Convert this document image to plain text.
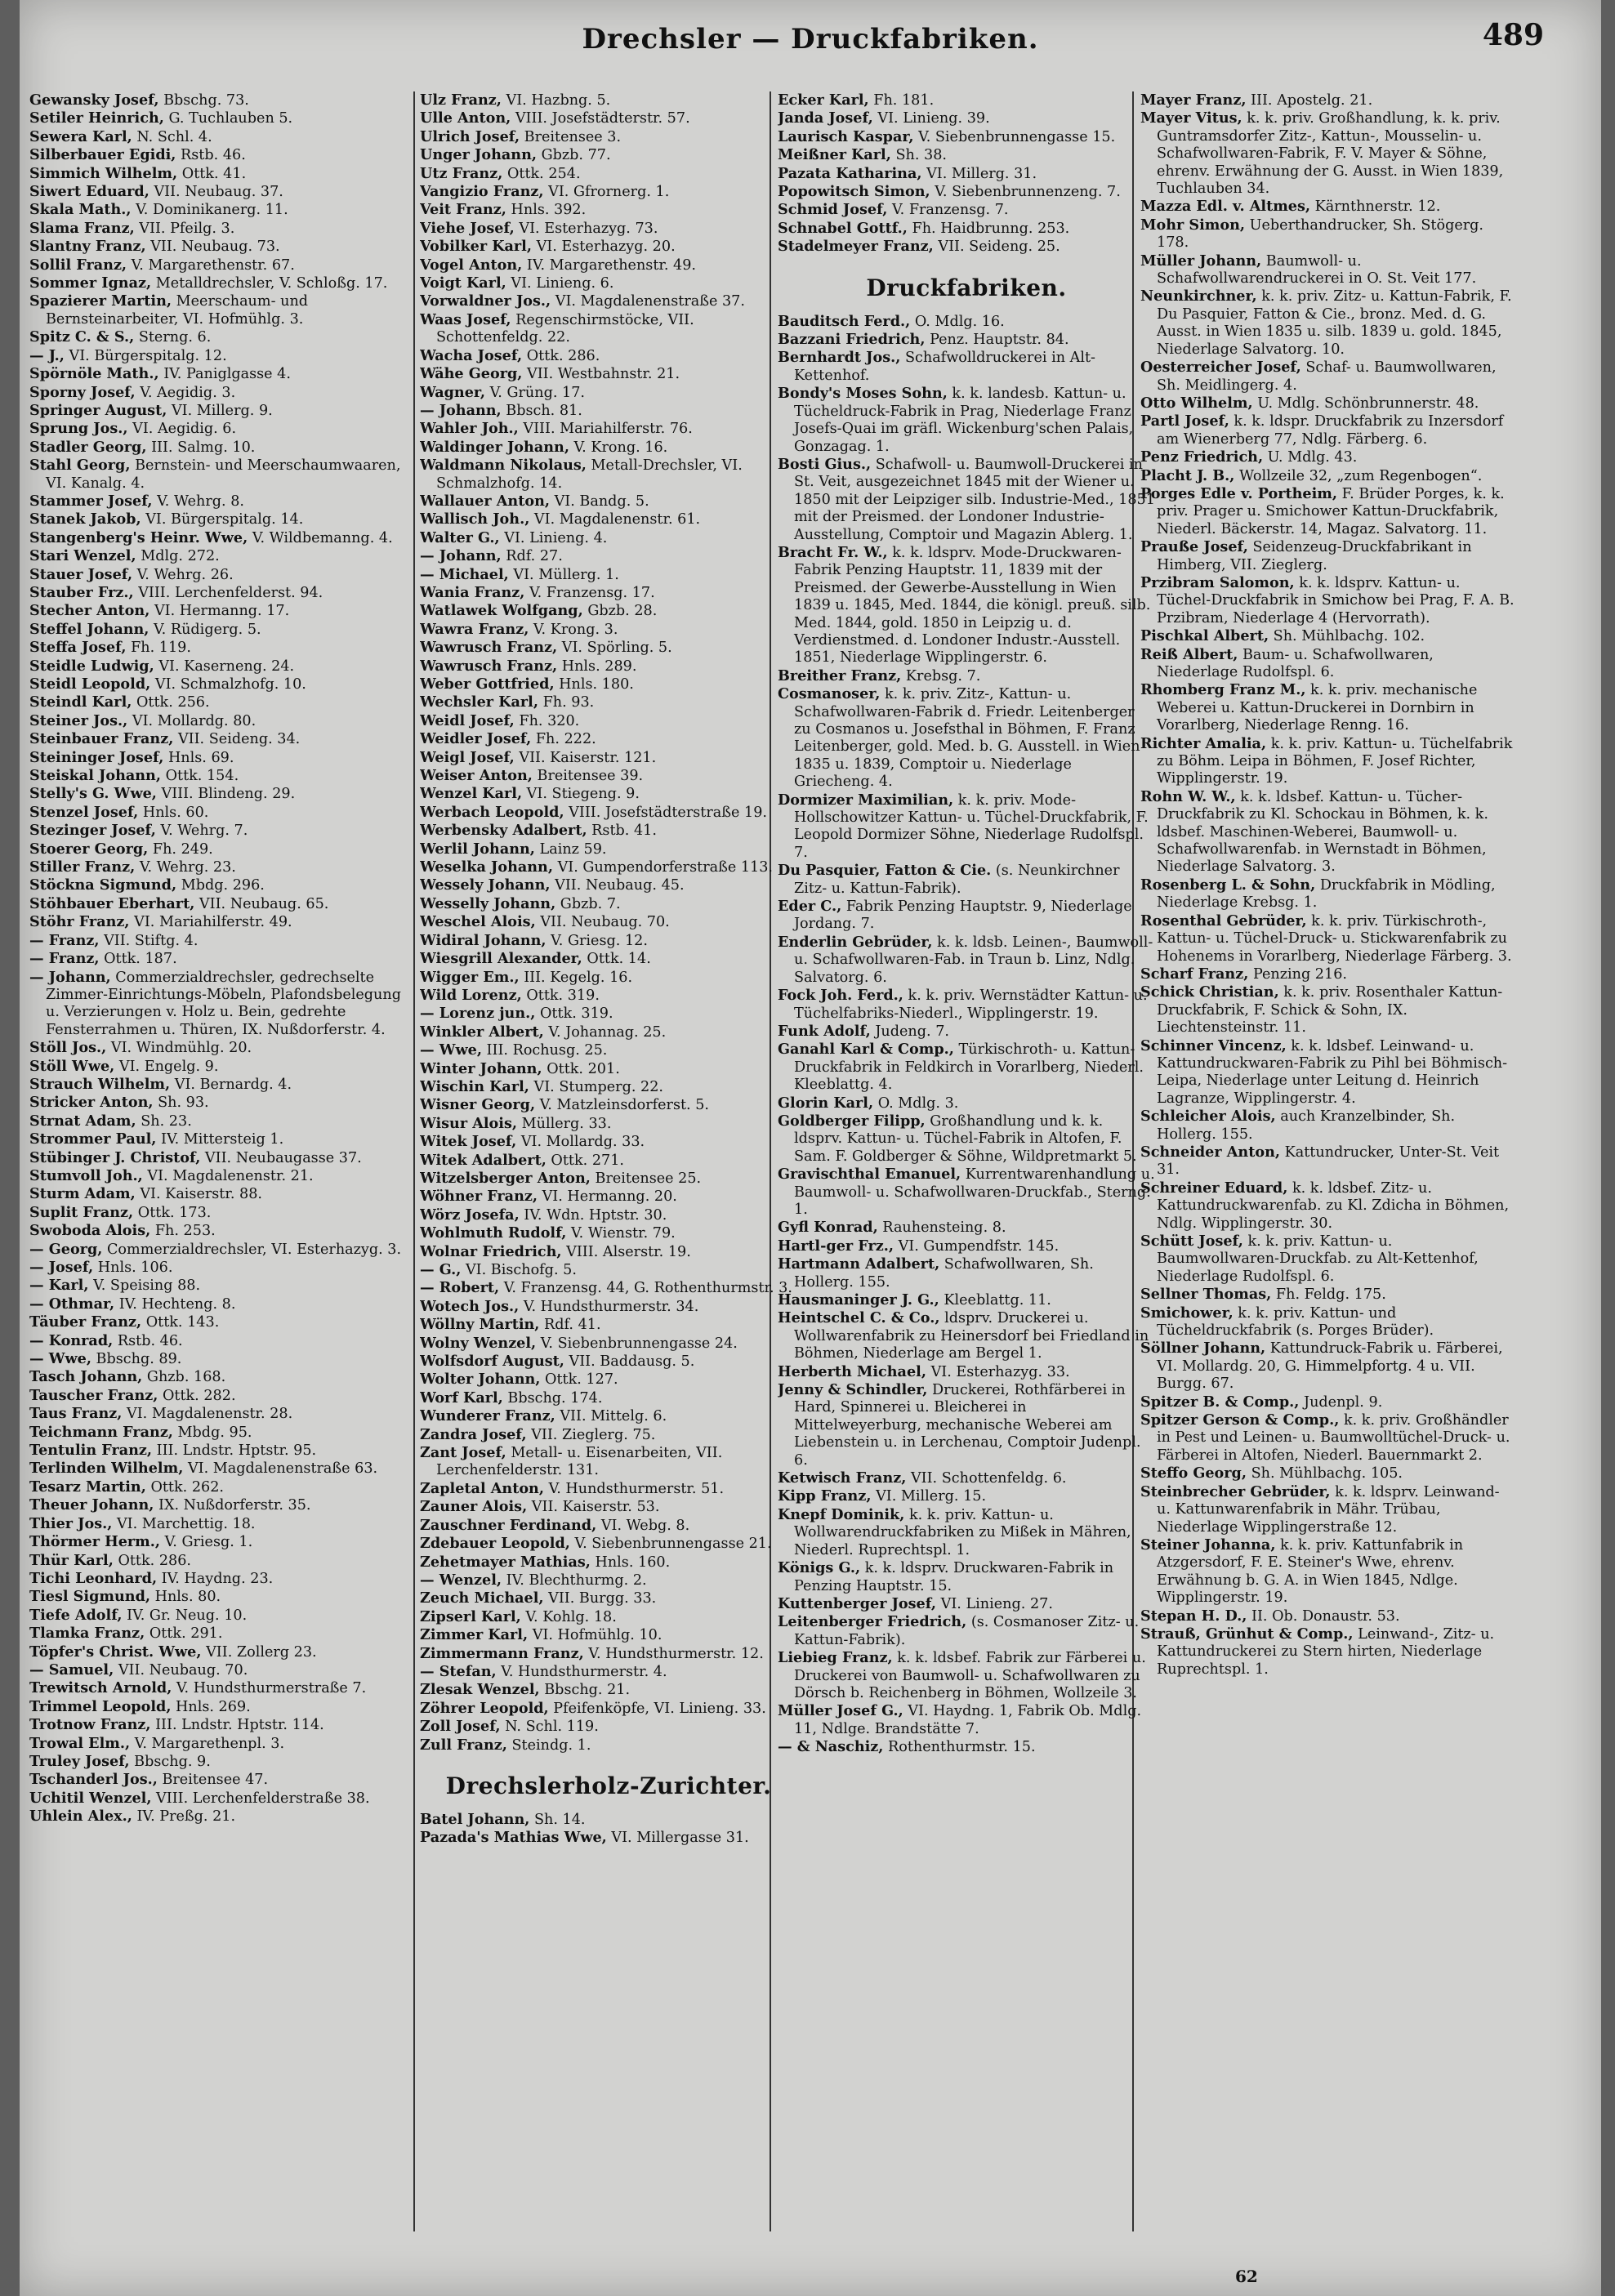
Drechsler — Druckfabriken.	489

Gewansky Josef, Bbschg. 73.

Setiler Heinrich, G. Tuchlauben 5.

Sewera Karl, N. Schl. 4.

Silberbauer Egidi, Rstb. 46.

Simmich Wilhelm, Ottk. 41.

Siwert Eduard, VII. Neubaug. 37.

Skala Math., V. Dominikanerg. 11.

Slama Franz, VII. Pfeilg. 3.

Slantny Franz, VII. Neubaug. 73.

Sollil Franz, V. Margarethenstr. 67.

Sommer Ignaz, Metalldrechsler, V. Schloßg. 17.

Spazierer Martin, Meerschaum- und Bernsteinarbeiter, VI. Hofmühlg. 3.

Spitz C. & S., Sterng. 6.

— J., VI. Bürgerspitalg. 12.

Spörnöle Math., IV. Paniglgasse 4.

Sporny Josef, V. Aegidig. 3.

Springer August, VI. Millerg. 9.

Sprung Jos., VI. Aegidig. 6.

Stadler Georg, III. Salmg. 10.

Stahl Georg, Bernstein- und Meerschaumwaaren, VI. Kanalg. 4.

Stammer Josef, V. Wehrg. 8.

Stanek Jakob, VI. Bürgerspitalg. 14.

Stangenberg's Heinr. Wwe, V. Wildbemanng. 4.

Stari Wenzel, Mdlg. 272.

Stauer Josef, V. Wehrg. 26.

Stauber Frz., VIII. Lerchenfelderst. 94.

Stecher Anton, VI. Hermanng. 17.

Steffel Johann, V. Rüdigerg. 5.

Steffa Josef, Fh. 119.

Steidle Ludwig, VI. Kaserneng. 24.

Steidl Leopold, VI. Schmalzhofg. 10.

Steindl Karl, Ottk. 256.

Steiner Jos., VI. Mollardg. 80.

Steinbauer Franz, VII. Seideng. 34.

Steininger Josef, Hnls. 69.

Steiskal Johann, Ottk. 154.

Stelly's G. Wwe, VIII. Blindeng. 29.

Stenzel Josef, Hnls. 60.

Stezinger Josef, V. Wehrg. 7.

Stoerer Georg, Fh. 249.

Stiller Franz, V. Wehrg. 23.

Stöckna Sigmund, Mbdg. 296.

Stöhbauer Eberhart, VII. Neubaug. 65.

Stöhr Franz, VI. Mariahilferstr. 49.

— Franz, VII. Stiftg. 4.

— Franz, Ottk. 187.

— Johann, Commerzialdrechsler, gedrechselte Zimmer-Einrichtungs-Möbeln, Plafondsbelegung u. Verzierungen v. Holz u. Bein, gedrehte Fensterrahmen u. Thüren, IX. Nußdorferstr. 4.

Stöll Jos., VI. Windmühlg. 20.

Stöll Wwe, VI. Engelg. 9.

Strauch Wilhelm, VI. Bernardg. 4.

Stricker Anton, Sh. 93.

Strnat Adam, Sh. 23.

Strommer Paul, IV. Mittersteig 1.

Stübinger J. Christof, VII. Neubaugasse 37.

Stumvoll Joh., VI. Magdalenenstr. 21.

Sturm Adam, VI. Kaiserstr. 88.

Suplit Franz, Ottk. 173.

Swoboda Alois, Fh. 253.

— Georg, Commerzialdrechsler, VI. Esterhazyg. 3.

— Josef, Hnls. 106.

— Karl, V. Speising 88.

— Othmar, IV. Hechteng. 8.

Täuber Franz, Ottk. 143.

— Konrad, Rstb. 46.

— Wwe, Bbschg. 89.

Tasch Johann, Ghzb. 168.

Tauscher Franz, Ottk. 282.

Taus Franz, VI. Magdalenenstr. 28.

Teichmann Franz, Mbdg. 95.

Tentulin Franz, III. Lndstr. Hptstr. 95.

Terlinden Wilhelm, VI. Magdalenenstraße 63.

Tesarz Martin, Ottk. 262.

Theuer Johann, IX. Nußdorferstr. 35.

Thier Jos., VI. Marchettig. 18.

Thörmer Herm., V. Griesg. 1.

Thür Karl, Ottk. 286.

Tichi Leonhard, IV. Haydng. 23.

Tiesl Sigmund, Hnls. 80.

Tiefe Adolf, IV. Gr. Neug. 10.

Tlamka Franz, Ottk. 291.

Töpfer's Christ. Wwe, VII. Zollerg 23.

— Samuel, VII. Neubaug. 70.

Trewitsch Arnold, V. Hundsthurmerstraße 7.

Trimmel Leopold, Hnls. 269.

Trotnow Franz, III. Lndstr. Hptstr. 114.

Trowal Elm., V. Margarethenpl. 3.

Truley Josef, Bbschg. 9.

Tschanderl Jos., Breitensee 47.

Uchitil Wenzel, VIII. Lerchenfelderstraße 38.

Uhlein Alex., IV. Preßg. 21.

Ulz Franz, VI. Hazbng. 5.

Ulle Anton, VIII. Josefstädterstr. 57.

Ulrich Josef, Breitensee 3.

Unger Johann, Gbzb. 77.

Utz Franz, Ottk. 254.

Vangizio Franz, VI. Gfrornerg. 1.

Veit Franz, Hnls. 392.

Viehe Josef, VI. Esterhazyg. 73.

Vobilker Karl, VI. Esterhazyg. 20.

Vogel Anton, IV. Margarethenstr. 49.

Voigt Karl, VI. Linieng. 6.

Vorwaldner Jos., VI. Magdalenenstraße 37.

Waas Josef, Regenschirmstöcke, VII. Schottenfeldg. 22.

Wacha Josef, Ottk. 286.

Wähe Georg, VII. Westbahnstr. 21.

Wagner, V. Grüng. 17.

— Johann, Bbsch. 81.

Wahler Joh., VIII. Mariahilferstr. 76.

Waldinger Johann, V. Krong. 16.

Waldmann Nikolaus, Metall-Drechsler, VI. Schmalzhofg. 14.

Wallauer Anton, VI. Bandg. 5.

Wallisch Joh., VI. Magdalenenstr. 61.

Walter G., VI. Linieng. 4.

— Johann, Rdf. 27.

— Michael, VI. Müllerg. 1.

Wania Franz, V. Franzensg. 17.

Watlawek Wolfgang, Gbzb. 28.

Wawra Franz, V. Krong. 3.

Wawrusch Franz, VI. Spörling. 5.

Wawrusch Franz, Hnls. 289.

Weber Gottfried, Hnls. 180.

Wechsler Karl, Fh. 93.

Weidl Josef, Fh. 320.

Weidler Josef, Fh. 222.

Weigl Josef, VII. Kaiserstr. 121.

Weiser Anton, Breitensee 39.

Wenzel Karl, VI. Stiegeng. 9.

Werbach Leopold, VIII. Josefstädterstraße 19.

Werbensky Adalbert, Rstb. 41.

Werlil Johann, Lainz 59.

Weselka Johann, VI. Gumpendorferstraße 113.

Wessely Johann, VII. Neubaug. 45.

Wesselly Johann, Gbzb. 7.

Weschel Alois, VII. Neubaug. 70.

Widiral Johann, V. Griesg. 12.

Wiesgrill Alexander, Ottk. 14.

Wigger Em., III. Kegelg. 16.

Wild Lorenz, Ottk. 319.

— Lorenz jun., Ottk. 319.

Winkler Albert, V. Johannag. 25.

— Wwe, III. Rochusg. 25.

Winter Johann, Ottk. 201.

Wischin Karl, VI. Stumperg. 22.

Wisner Georg, V. Matzleinsdorferst. 5.

Wisur Alois, Müllerg. 33.

Witek Josef, VI. Mollardg. 33.

Witek Adalbert, Ottk. 271.

Witzelsberger Anton, Breitensee 25.

Wöhner Franz, VI. Hermanng. 20.

Wörz Josefa, IV. Wdn. Hptstr. 30.

Wohlmuth Rudolf, V. Wienstr. 79.

Wolnar Friedrich, VIII. Alserstr. 19.

— G., VI. Bischofg. 5.

— Robert, V. Franzensg. 44, G. Rothenthurmstr. 3.

Wotech Jos., V. Hundsthurmerstr. 34.

Wöllny Martin, Rdf. 41.

Wolny Wenzel, V. Siebenbrunnengasse 24.

Wolfsdorf August, VII. Baddausg. 5.

Wolter Johann, Ottk. 127.

Worf Karl, Bbschg. 174.

Wunderer Franz, VII. Mittelg. 6.

Zandra Josef, VII. Zieglerg. 75.

Zant Josef, Metall- u. Eisenarbeiten, VII. Lerchenfelderstr. 131.

Zapletal Anton, V. Hundsthurmerstr. 51.

Zauner Alois, VII. Kaiserstr. 53.

Zauschner Ferdinand, VI. Webg. 8.

Zdebauer Leopold, V. Siebenbrunnengasse 21.

Zehetmayer Mathias, Hnls. 160.

— Wenzel, IV. Blechthurmg. 2.

Zeuch Michael, VII. Burgg. 33.

Zipserl Karl, V. Kohlg. 18.

Zimmer Karl, VI. Hofmühlg. 10.

Zimmermann Franz, V. Hundsthurmerstr. 12.

— Stefan, V. Hundsthurmerstr. 4.

Zlesak Wenzel, Bbschg. 21.

Zöhrer Leopold, Pfeifenköpfe, VI. Linieng. 33.

Zoll Josef, N. Schl. 119.

Zull Franz, Steindg. 1.

Drechslerholz-Zurichter.

Batel Johann, Sh. 14.

Pazada's Mathias Wwe, VI. Millergasse 31.

Ecker Karl, Fh. 181.

Janda Josef, VI. Linieng. 39.

Laurisch Kaspar, V. Siebenbrunnengasse 15.

Meißner Karl, Sh. 38.

Pazata Katharina, VI. Millerg. 31.

Popowitsch Simon, V. Siebenbrunnenzeng. 7.

Schmid Josef, V. Franzensg. 7.

Schnabel Gottf., Fh. Haidbrunng. 253.

Stadelmeyer Franz, VII. Seideng. 25.

Druckfabriken.

Bauditsch Ferd., O. Mdlg. 16.

Bazzani Friedrich, Penz. Hauptstr. 84.

Bernhardt Jos., Schafwolldruckerei in Alt-Kettenhof.

Bondy's Moses Sohn, k. k. landesb. Kattun- u. Tücheldruck-Fabrik in Prag, Niederlage Franz Josefs-Quai im gräfl. Wickenburg'schen Palais, Gonzagag. 1.

Bosti Gius., Schafwoll- u. Baumwoll-Druckerei in St. Veit, ausgezeichnet 1845 mit der Wiener u. 1850 mit der Leipziger silb. Industrie-Med., 1851 mit der Preismed. der Londoner Industrie-Ausstellung, Comptoir und Magazin Ablerg. 1.

Bracht Fr. W., k. k. ldsprv. Mode-Druckwaren-Fabrik Penzing Hauptstr. 11, 1839 mit der Preismed. der Gewerbe-Ausstellung in Wien 1839 u. 1845, Med. 1844, die königl. preuß. silb. Med. 1844, gold. 1850 in Leipzig u. d. Verdienstmed. d. Londoner Industr.-Ausstell. 1851, Niederlage Wipplingerstr. 6.

Breither Franz, Krebsg. 7.

Cosmanoser, k. k. priv. Zitz-, Kattun- u. Schafwollwaren-Fabrik d. Friedr. Leitenberger zu Cosmanos u. Josefsthal in Böhmen, F. Franz Leitenberger, gold. Med. b. G. Ausstell. in Wien 1835 u. 1839, Comptoir u. Niederlage Griecheng. 4.

Dormizer Maximilian, k. k. priv. Mode-Hollschowitzer Kattun- u. Tüchel-Druckfabrik, F. Leopold Dormizer Söhne, Niederlage Rudolfspl. 7.

Du Pasquier, Fatton & Cie. (s. Neunkirchner Zitz- u. Kattun-Fabrik).

Eder C., Fabrik Penzing Hauptstr. 9, Niederlage Jordang. 7.

Enderlin Gebrüder, k. k. ldsb. Leinen-, Baumwoll- u. Schafwollwaren-Fab. in Traun b. Linz, Ndlg. Salvatorg. 6.

Fock Joh. Ferd., k. k. priv. Wernstädter Kattun- u. Tüchelfabriks-Niederl., Wipplingerstr. 19.

Funk Adolf, Judeng. 7.

Ganahl Karl & Comp., Türkischroth- u. Kattun-Druckfabrik in Feldkirch in Vorarlberg, Niederl. Kleeblattg. 4.

Glorin Karl, O. Mdlg. 3.

Goldberger Filipp, Großhandlung und k. k. ldsprv. Kattun- u. Tüchel-Fabrik in Altofen, F. Sam. F. Goldberger & Söhne, Wildpretmarkt 5.

Gravischthal Emanuel, Kurrentwarenhandlung u. Baumwoll- u. Schafwollwaren-Druckfab., Sterng. 1.

Gyfl Konrad, Rauhensteing. 8.

Hartl-ger Frz., VI. Gumpendfstr. 145.

Hartmann Adalbert, Schafwollwaren, Sh. Hollerg. 155.

Hausmaninger J. G., Kleeblattg. 11.

Heintschel C. & Co., ldsprv. Druckerei u. Wollwarenfabrik zu Heinersdorf bei Friedland in Böhmen, Niederlage am Bergel 1.

Herberth Michael, VI. Esterhazyg. 33.

Jenny & Schindler, Druckerei, Rothfärberei in Hard, Spinnerei u. Bleicherei in Mittelweyerburg, mechanische Weberei am Liebenstein u. in Lerchenau, Comptoir Judenpl. 6.

Ketwisch Franz, VII. Schottenfeldg. 6.

Kipp Franz, VI. Millerg. 15.

Knepf Dominik, k. k. priv. Kattun- u. Wollwarendruckfabriken zu Mißek in Mähren, Niederl. Ruprechtspl. 1.

Königs G., k. k. ldsprv. Druckwaren-Fabrik in Penzing Hauptstr. 15.

Kuttenberger Josef, VI. Linieng. 27.

Leitenberger Friedrich, (s. Cosmanoser Zitz- u. Kattun-Fabrik).

Liebieg Franz, k. k. ldsbef. Fabrik zur Färberei u. Druckerei von Baumwoll- u. Schafwollwaren zu Dörsch b. Reichenberg in Böhmen, Wollzeile 3.

Müller Josef G., VI. Haydng. 1, Fabrik Ob. Mdlg. 11, Ndlge. Brandstätte 7.

— & Naschiz, Rothenthurmstr. 15.

Mayer Franz, III. Apostelg. 21.

Mayer Vitus, k. k. priv. Großhandlung, k. k. priv. Guntramsdorfer Zitz-, Kattun-, Mousselin- u. Schafwollwaren-Fabrik, F. V. Mayer & Söhne, ehrenv. Erwähnung der G. Ausst. in Wien 1839, Tuchlauben 34.

Mazza Edl. v. Altmes, Kärnthnerstr. 12.

Mohr Simon, Ueberthandrucker, Sh. Stögerg. 178.

Müller Johann, Baumwoll- u. Schafwollwarendruckerei in O. St. Veit 177.

Neunkirchner, k. k. priv. Zitz- u. Kattun-Fabrik, F. Du Pasquier, Fatton & Cie., bronz. Med. d. G. Ausst. in Wien 1835 u. silb. 1839 u. gold. 1845, Niederlage Salvatorg. 10.

Oesterreicher Josef, Schaf- u. Baumwollwaren, Sh. Meidlingerg. 4.

Otto Wilhelm, U. Mdlg. Schönbrunnerstr. 48.

Partl Josef, k. k. ldspr. Druckfabrik zu Inzersdorf am Wienerberg 77, Ndlg. Färberg. 6.

Penz Friedrich, U. Mdlg. 43.

Placht J. B., Wollzeile 32, „zum Regenbogen“.

Porges Edle v. Portheim, F. Brüder Porges, k. k. priv. Prager u. Smichower Kattun-Druckfabrik, Niederl. Bäckerstr. 14, Magaz. Salvatorg. 11.

Prauße Josef, Seidenzeug-Druckfabrikant in Himberg, VII. Zieglerg.

Przibram Salomon, k. k. ldsprv. Kattun- u. Tüchel-Druckfabrik in Smichow bei Prag, F. A. B. Przibram, Niederlage 4 (Hervorrath).

Pischkal Albert, Sh. Mühlbachg. 102.

Reiß Albert, Baum- u. Schafwollwaren, Niederlage Rudolfspl. 6.

Rhomberg Franz M., k. k. priv. mechanische Weberei u. Kattun-Druckerei in Dornbirn in Vorarlberg, Niederlage Renng. 16.

Richter Amalia, k. k. priv. Kattun- u. Tüchelfabrik zu Böhm. Leipa in Böhmen, F. Josef Richter, Wipplingerstr. 19.

Rohn W. W., k. k. ldsbef. Kattun- u. Tücher-Druckfabrik zu Kl. Schockau in Böhmen, k. k. ldsbef. Maschinen-Weberei, Baumwoll- u. Schafwollwarenfab. in Wernstadt in Böhmen, Niederlage Salvatorg. 3.

Rosenberg L. & Sohn, Druckfabrik in Mödling, Niederlage Krebsg. 1.

Rosenthal Gebrüder, k. k. priv. Türkischroth-, Kattun- u. Tüchel-Druck- u. Stickwarenfabrik zu Hohenems in Vorarlberg, Niederlage Färberg. 3.

Scharf Franz, Penzing 216.

Schick Christian, k. k. priv. Rosenthaler Kattun-Druckfabrik, F. Schick & Sohn, IX. Liechtensteinstr. 11.

Schinner Vincenz, k. k. ldsbef. Leinwand- u. Kattundruckwaren-Fabrik zu Pihl bei Böhmisch-Leipa, Niederlage unter Leitung d. Heinrich Lagranze, Wipplingerstr. 4.

Schleicher Alois, auch Kranzelbinder, Sh. Hollerg. 155.

Schneider Anton, Kattundrucker, Unter-St. Veit 31.

Schreiner Eduard, k. k. ldsbef. Zitz- u. Kattundruckwarenfab. zu Kl. Zdicha in Böhmen, Ndlg. Wipplingerstr. 30.

Schütt Josef, k. k. priv. Kattun- u. Baumwollwaren-Druckfab. zu Alt-Kettenhof, Niederlage Rudolfspl. 6.

Sellner Thomas, Fh. Feldg. 175.

Smichower, k. k. priv. Kattun- und Tücheldruckfabrik (s. Porges Brüder).

Söllner Johann, Kattundruck-Fabrik u. Färberei, VI. Mollardg. 20, G. Himmelpfortg. 4 u. VII. Burgg. 67.

Spitzer B. & Comp., Judenpl. 9.

Spitzer Gerson & Comp., k. k. priv. Großhändler in Pest und Leinen- u. Baumwolltüchel-Druck- u. Färberei in Altofen, Niederl. Bauernmarkt 2.

Steffo Georg, Sh. Mühlbachg. 105.

Steinbrecher Gebrüder, k. k. ldsprv. Leinwand- u. Kattunwarenfabrik in Mähr. Trübau, Niederlage Wipplingerstraße 12.

Steiner Johanna, k. k. priv. Kattunfabrik in Atzgersdorf, F. E. Steiner's Wwe, ehrenv. Erwähnung b. G. A. in Wien 1845, Ndlge. Wipplingerstr. 19.

Stepan H. D., II. Ob. Donaustr. 53.

Strauß, Grünhut & Comp., Leinwand-, Zitz- u. Kattundruckerei zu Stern hirten, Niederlage Ruprechtspl. 1.

62
